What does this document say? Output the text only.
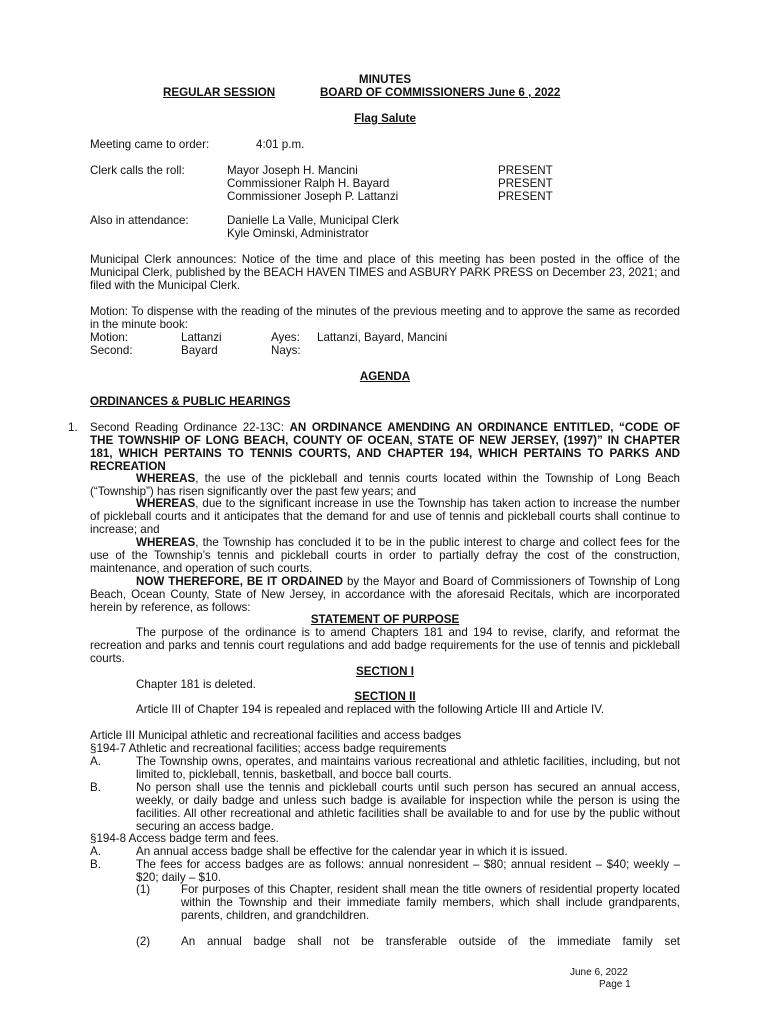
MINUTES
REGULAR SESSION	BOARD OF COMMISSIONERS June 6 , 2022
Flag Salute
Meeting came to order:	4:01 p.m.
Clerk calls the roll:	Mayor Joseph H. Mancini	PRESENT
Commissioner Ralph H. Bayard	PRESENT
Commissioner Joseph P. Lattanzi	PRESENT
Also in attendance:	Danielle La Valle, Municipal Clerk
Kyle Ominski, Administrator
Municipal Clerk announces: Notice of the time and place of this meeting has been posted in the office of the Municipal Clerk, published by the BEACH HAVEN TIMES and ASBURY PARK PRESS on December 23, 2021; and filed with the Municipal Clerk.
Motion: To dispense with the reading of the minutes of the previous meeting and to approve the same as recorded in the minute book:
Motion:	Lattanzi	Ayes: Lattanzi, Bayard, Mancini
Second:	Bayard	Nays:
AGENDA
ORDINANCES & PUBLIC HEARINGS
1. Second Reading Ordinance 22-13C: AN ORDINANCE AMENDING AN ORDINANCE ENTITLED, “CODE OF THE TOWNSHIP OF LONG BEACH, COUNTY OF OCEAN, STATE OF NEW JERSEY, (1997)” IN CHAPTER 181, WHICH PERTAINS TO TENNIS COURTS, AND CHAPTER 194, WHICH PERTAINS TO PARKS AND RECREATION
WHEREAS, the use of the pickleball and tennis courts located within the Township of Long Beach (“Township”) has risen significantly over the past few years; and
WHEREAS, due to the significant increase in use the Township has taken action to increase the number of pickleball courts and it anticipates that the demand for and use of tennis and pickleball courts shall continue to increase; and
WHEREAS, the Township has concluded it to be in the public interest to charge and collect fees for the use of the Township’s tennis and pickleball courts in order to partially defray the cost of the construction, maintenance, and operation of such courts.
NOW THEREFORE, BE IT ORDAINED by the Mayor and Board of Commissioners of Township of Long Beach, Ocean County, State of New Jersey, in accordance with the aforesaid Recitals, which are incorporated herein by reference, as follows:
STATEMENT OF PURPOSE
The purpose of the ordinance is to amend Chapters 181 and 194 to revise, clarify, and reformat the recreation and parks and tennis court regulations and add badge requirements for the use of tennis and pickleball courts.
SECTION I
Chapter 181 is deleted.
SECTION II
Article III of Chapter 194 is repealed and replaced with the following Article III and Article IV.
Article III Municipal athletic and recreational facilities and access badges
§194-7 Athletic and recreational facilities; access badge requirements
A.	The Township owns, operates, and maintains various recreational and athletic facilities, including, but not limited to, pickleball, tennis, basketball, and bocce ball courts.
B.	No person shall use the tennis and pickleball courts until such person has secured an annual access, weekly, or daily badge and unless such badge is available for inspection while the person is using the facilities. All other recreational and athletic facilities shall be available to and for use by the public without securing an access badge.
§194-8 Access badge term and fees.
A.	An annual access badge shall be effective for the calendar year in which it is issued.
B.	The fees for access badges are as follows: annual nonresident – $80; annual resident – $40; weekly – $20; daily – $10.
(1)	For purposes of this Chapter, resident shall mean the title owners of residential property located within the Township and their immediate family members, which shall include grandparents, parents, children, and grandchildren.
(2)	An annual badge shall not be transferable outside of the immediate family set
June 6, 2022
Page 1
